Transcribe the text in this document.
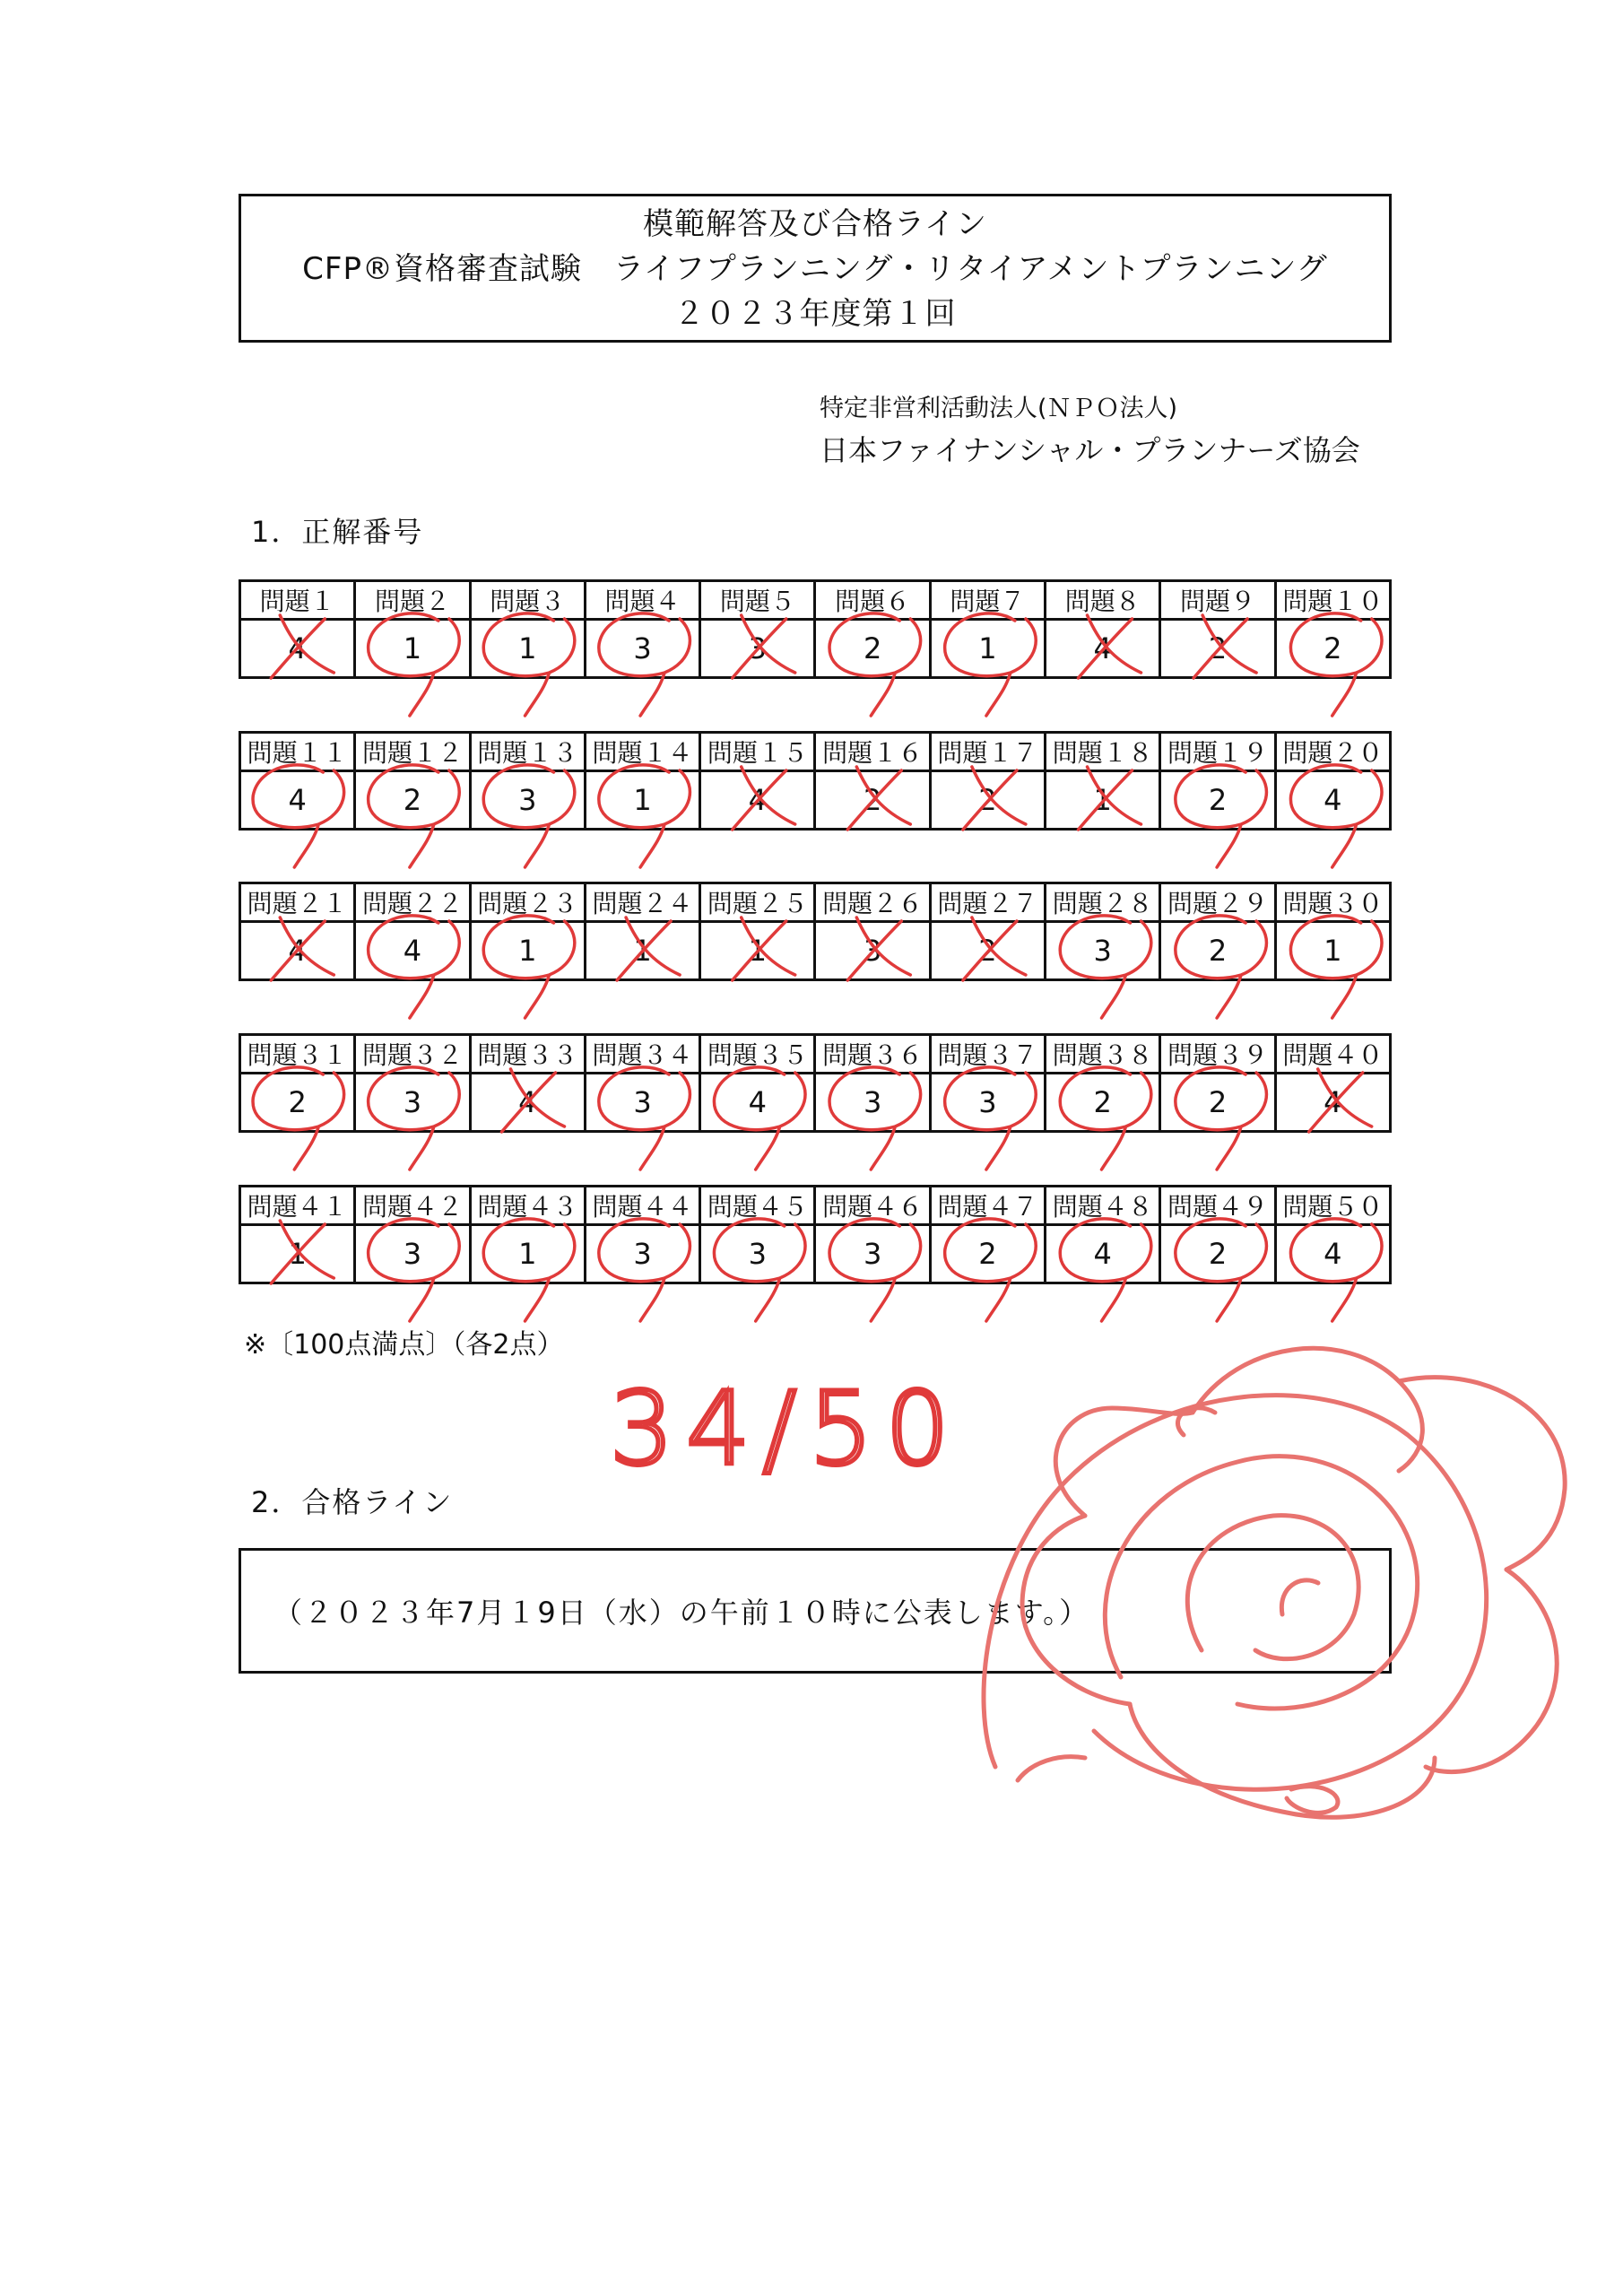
模範解答及び合格ライン
CFP®資格審査試験　ライフプランニング・リタイアメントプランニング
２０２３年度第１回
特定非営利活動法人(ＮＰＯ法人)
日本ファイナンシャル・プランナーズ協会
1．正解番号
問題１	問題２	問題３	問題４	問題５	問題６	問題７	問題８	問題９	問題１０
4	1	1	3	3	2	1	4	2	2
問題１１	問題１２	問題１３	問題１４	問題１５	問題１６	問題１７	問題１８	問題１９	問題２０
4	2	3	1	4	2	2	1	2	4
問題２１	問題２２	問題２３	問題２４	問題２５	問題２６	問題２７	問題２８	問題２９	問題３０
4	4	1	1	1	3	2	3	2	1
問題３１	問題３２	問題３３	問題３４	問題３５	問題３６	問題３７	問題３８	問題３９	問題４０
2	3	4	3	4	3	3	2	2	4
問題４１	問題４２	問題４３	問題４４	問題４５	問題４６	問題４７	問題４８	問題４９	問題５０
1	3	1	3	3	3	2	4	2	4
※〔100点満点〕（各2点）
2．合格ライン
（２０２３年7月１9日（水）の午前１０時に公表します。）
34/50
